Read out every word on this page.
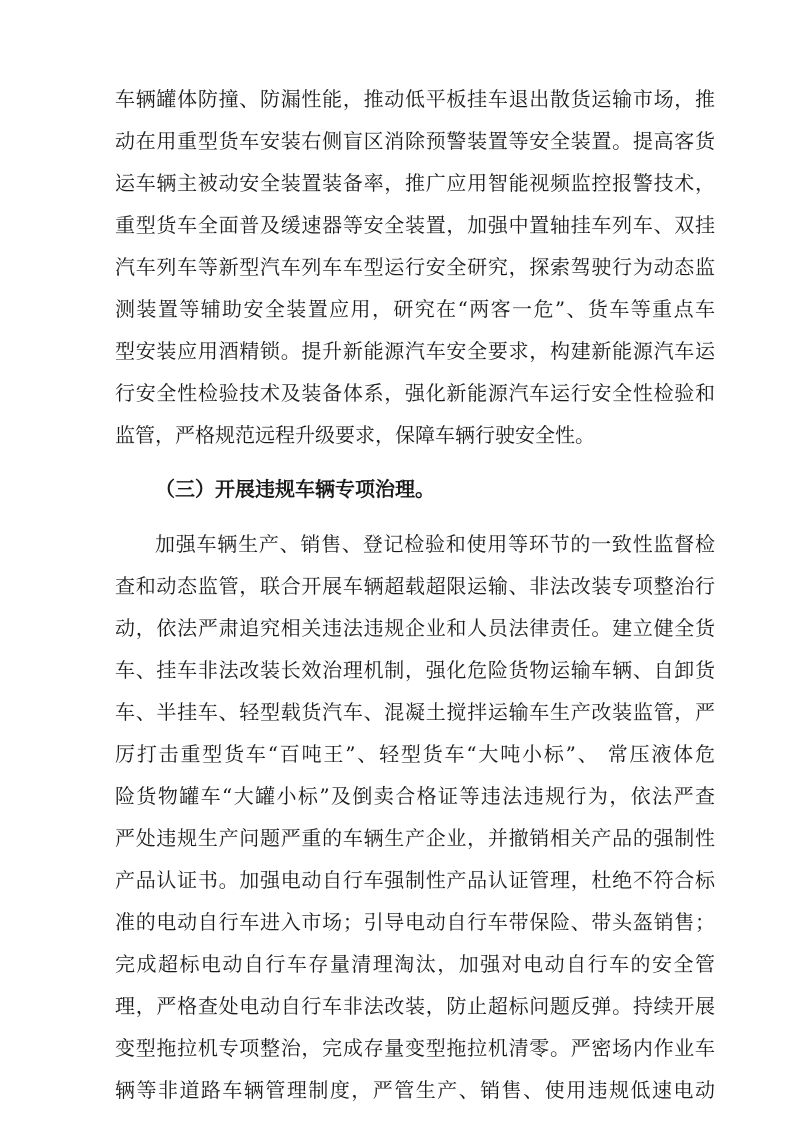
车辆罐体防撞、防漏性能，推动低平板挂车退出散货运输市场，推
动在用重型货车安装右侧盲区消除预警装置等安全装置。提高客货
运车辆主被动安全装置装备率，推广应用智能视频监控报警技术，
重型货车全面普及缓速器等安全装置，加强中置轴挂车列车、双挂
汽车列车等新型汽车列车车型运行安全研究，探索驾驶行为动态监
测装置等辅助安全装置应用，研究在“两客一危”、货车等重点车
型安装应用酒精锁。提升新能源汽车安全要求，构建新能源汽车运
行安全性检验技术及装备体系，强化新能源汽车运行安全性检验和
监管，严格规范远程升级要求，保障车辆行驶安全性。
（三）开展违规车辆专项治理。
加强车辆生产、销售、登记检验和使用等环节的一致性监督检
查和动态监管，联合开展车辆超载超限运输、非法改装专项整治行
动，依法严肃追究相关违法违规企业和人员法律责任。建立健全货
车、挂车非法改装长效治理机制，强化危险货物运输车辆、自卸货
车、半挂车、轻型载货汽车、混凝土搅拌运输车生产改装监管，严
厉打击重型货车“百吨王”、轻型货车“大吨小标”、 常压液体危
险货物罐车“大罐小标”及倒卖合格证等违法违规行为，依法严查
严处违规生产问题严重的车辆生产企业，并撤销相关产品的强制性
产品认证书。加强电动自行车强制性产品认证管理，杜绝不符合标
准的电动自行车进入市场；引导电动自行车带保险、带头盔销售；
完成超标电动自行车存量清理淘汰，加强对电动自行车的安全管
理，严格查处电动自行车非法改装，防止超标问题反弹。持续开展
变型拖拉机专项整治，完成存量变型拖拉机清零。严密场内作业车
辆等非道路车辆管理制度，严管生产、销售、使用违规低速电动
